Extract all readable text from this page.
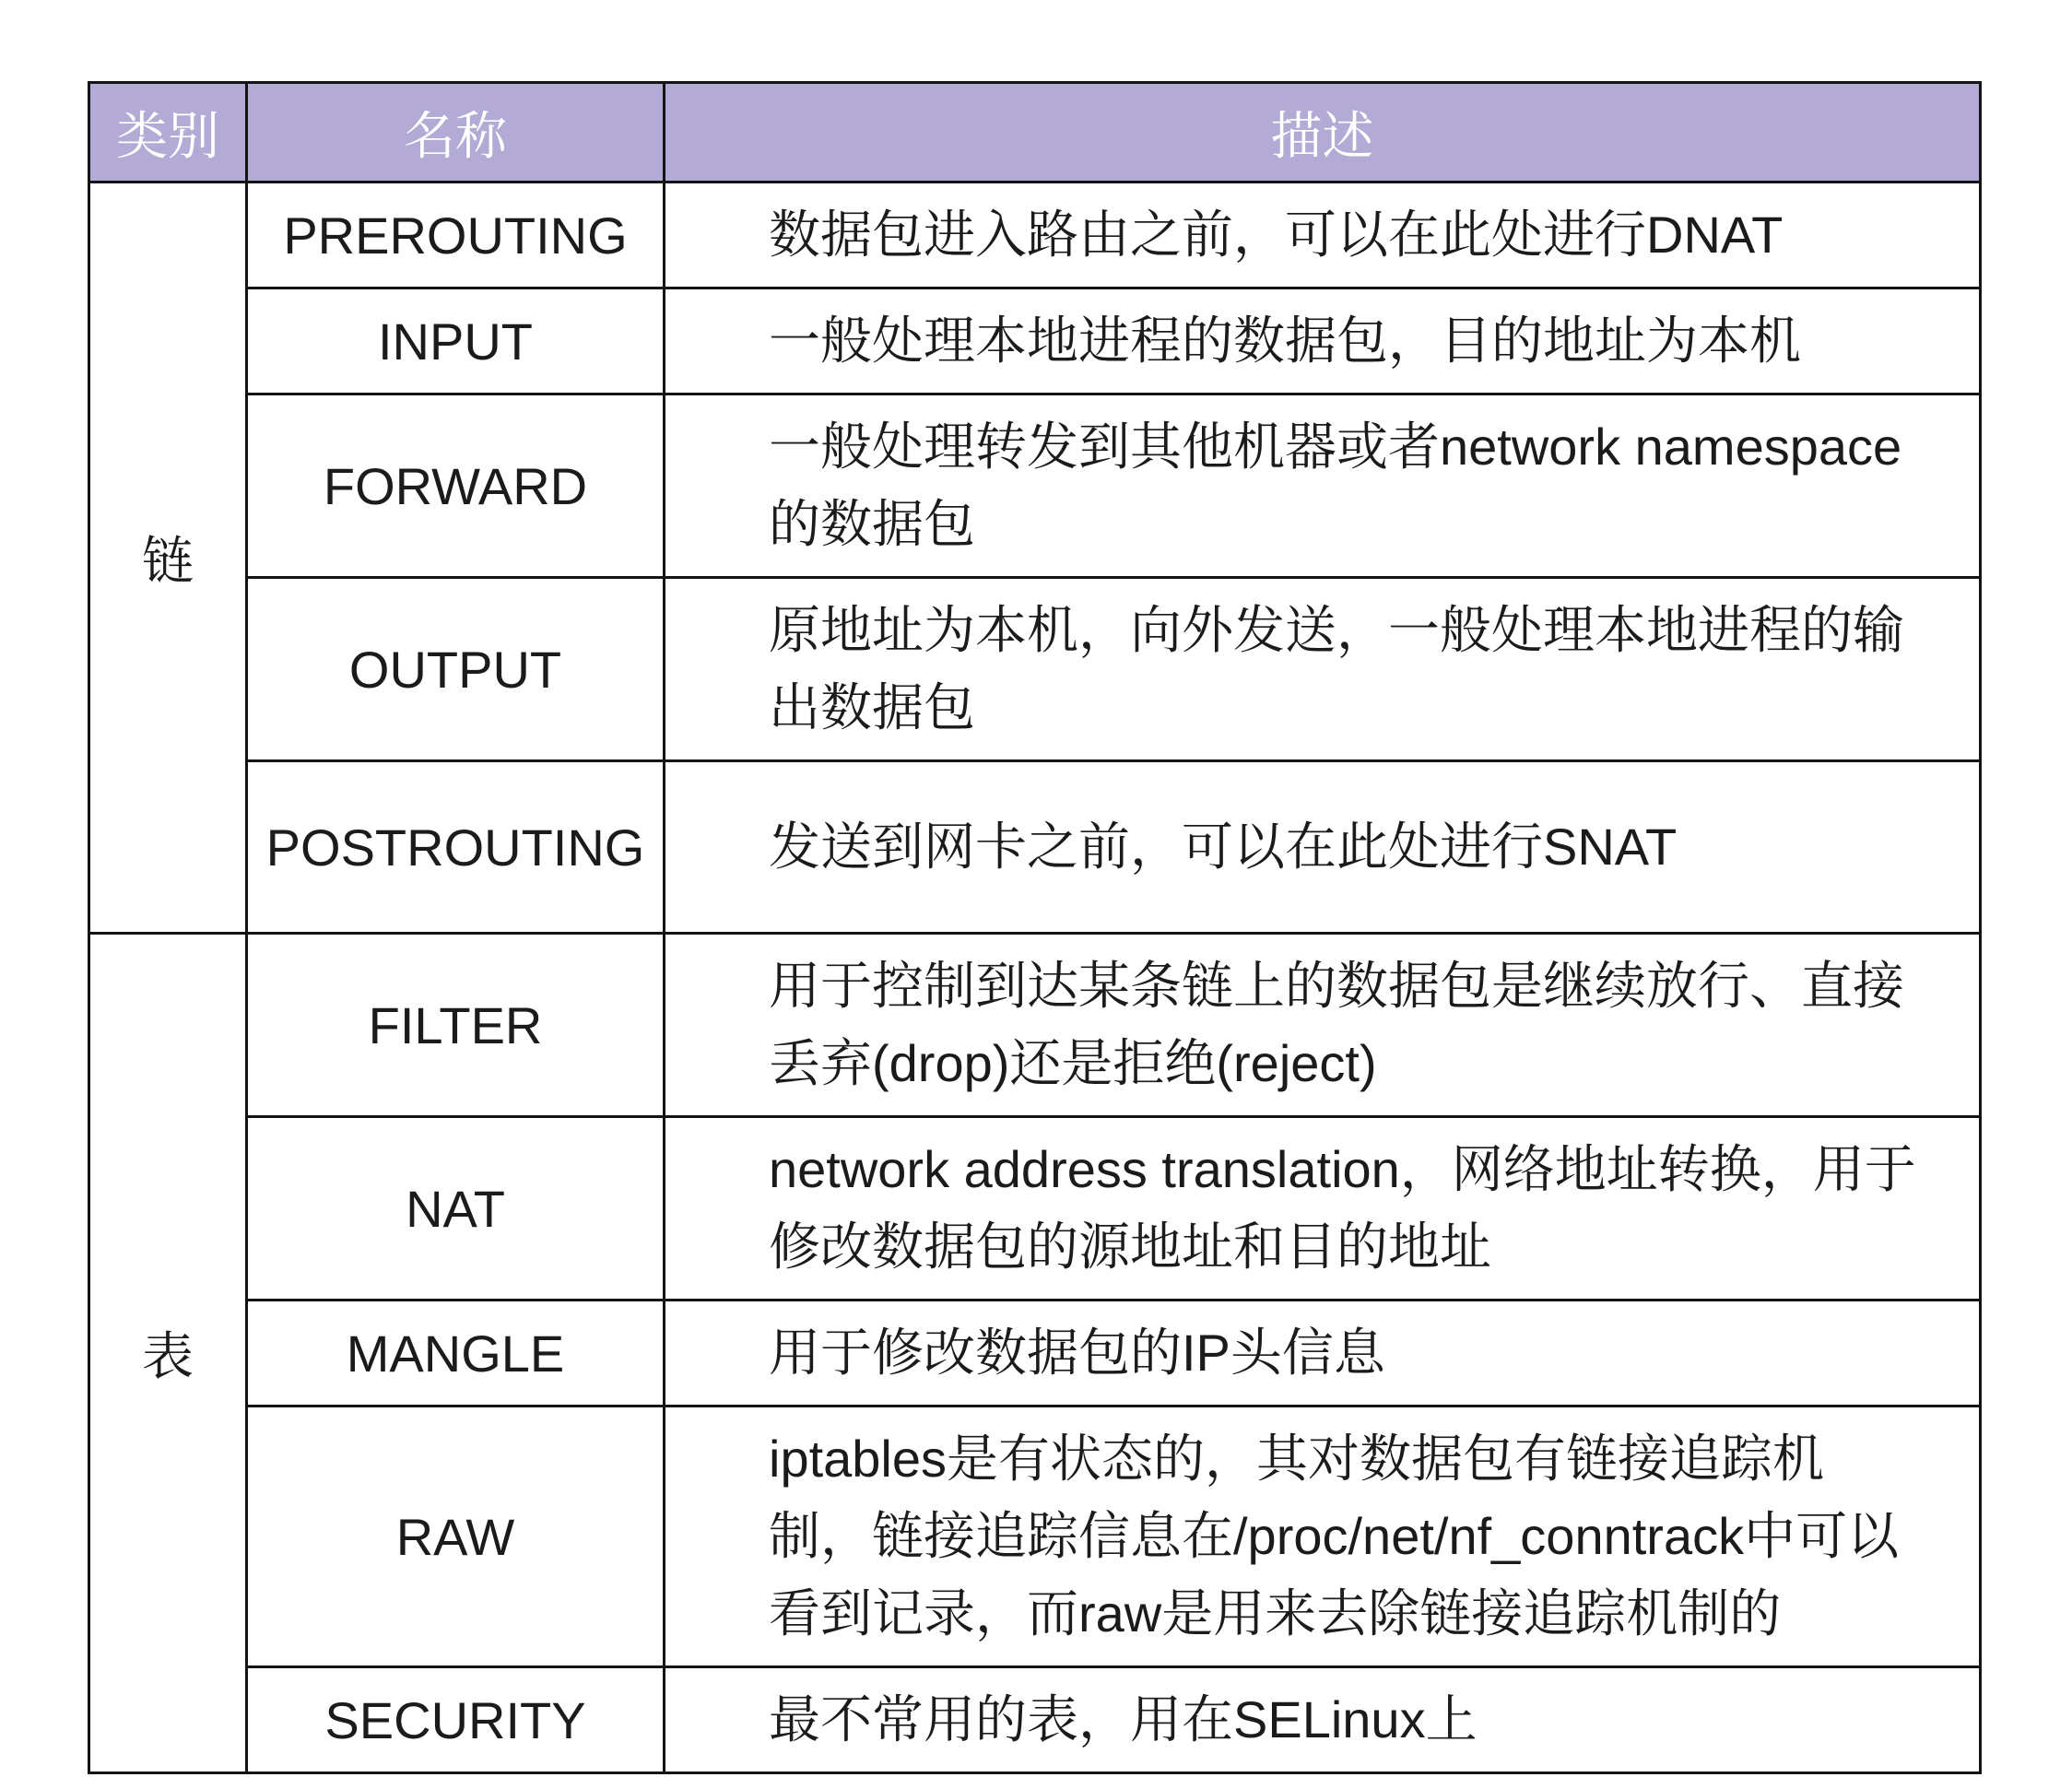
类别	名称	描述
链	PREROUTING	数据包进入路由之前，可以在此处进行DNAT
	INPUT	一般处理本地进程的数据包，目的地址为本机
	FORWARD	一般处理转发到其他机器或者network namespace的数据包
	OUTPUT	原地址为本机，向外发送，一般处理本地进程的输出数据包
	POSTROUTING	发送到网卡之前，可以在此处进行SNAT
表	FILTER	用于控制到达某条链上的数据包是继续放行、直接丢弃(drop)还是拒绝(reject)
	NAT	network address translation，网络地址转换，用于修改数据包的源地址和目的地址
	MANGLE	用于修改数据包的IP头信息
	RAW	iptables是有状态的，其对数据包有链接追踪机制，链接追踪信息在/proc/net/nf_conntrack中可以看到记录，而raw是用来去除链接追踪机制的
	SECURITY	最不常用的表，用在SELinux上
